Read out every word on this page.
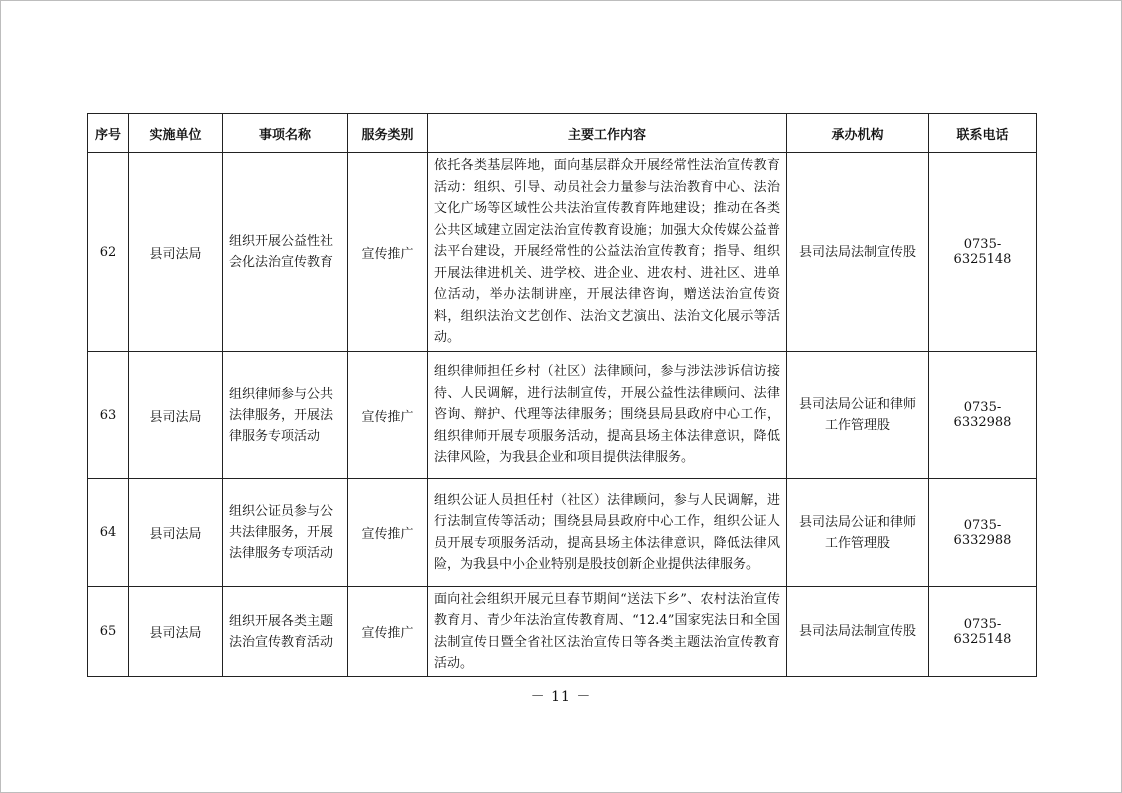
序号	实施单位	事项名称	服务类别	主要工作内容	承办机构	联系电话
62	县司法局	组织开展公益性社会化法治宣传教育	宣传推广	依托各类基层阵地，面向基层群众开展经常性法治宣传教育活动：组织、引导、动员社会力量参与法治教育中心、法治文化广场等区域性公共法治宣传教育阵地建设；推动在各类公共区域建立固定法治宣传教育设施；加强大众传媒公益普法平台建设，开展经常性的公益法治宣传教育；指导、组织开展法律进机关、进学校、进企业、进农村、进社区、进单位活动，举办法制讲座，开展法律咨询，赠送法治宣传资料，组织法治文艺创作、法治文艺演出、法治文化展示等活动。	县司法局法制宣传股	0735-6325148
63	县司法局	组织律师参与公共法律服务，开展法律服务专项活动	宣传推广	组织律师担任乡村（社区）法律顾问，参与涉法涉诉信访接待、人民调解，进行法制宣传，开展公益性法律顾问、法律咨询、辩护、代理等法律服务；围绕县局县政府中心工作，组织律师开展专项服务活动，提高县场主体法律意识，降低法律风险，为我县企业和项目提供法律服务。	县司法局公证和律师工作管理股	0735-6332988
64	县司法局	组织公证员参与公共法律服务，开展法律服务专项活动	宣传推广	组织公证人员担任村（社区）法律顾问，参与人民调解，进行法制宣传等活动；围绕县局县政府中心工作，组织公证人员开展专项服务活动，提高县场主体法律意识，降低法律风险，为我县中小企业特别是股技创新企业提供法律服务。	县司法局公证和律师工作管理股	0735-6332988
65	县司法局	组织开展各类主题法治宣传教育活动	宣传推广	面向社会组织开展元旦春节期间“送法下乡”、农村法治宣传教育月、青少年法治宣传教育周、“12.4”国家宪法日和全国法制宣传日暨全省社区法治宣传日等各类主题法治宣传教育活动。	县司法局法制宣传股	0735-6325148
－ 11 －
